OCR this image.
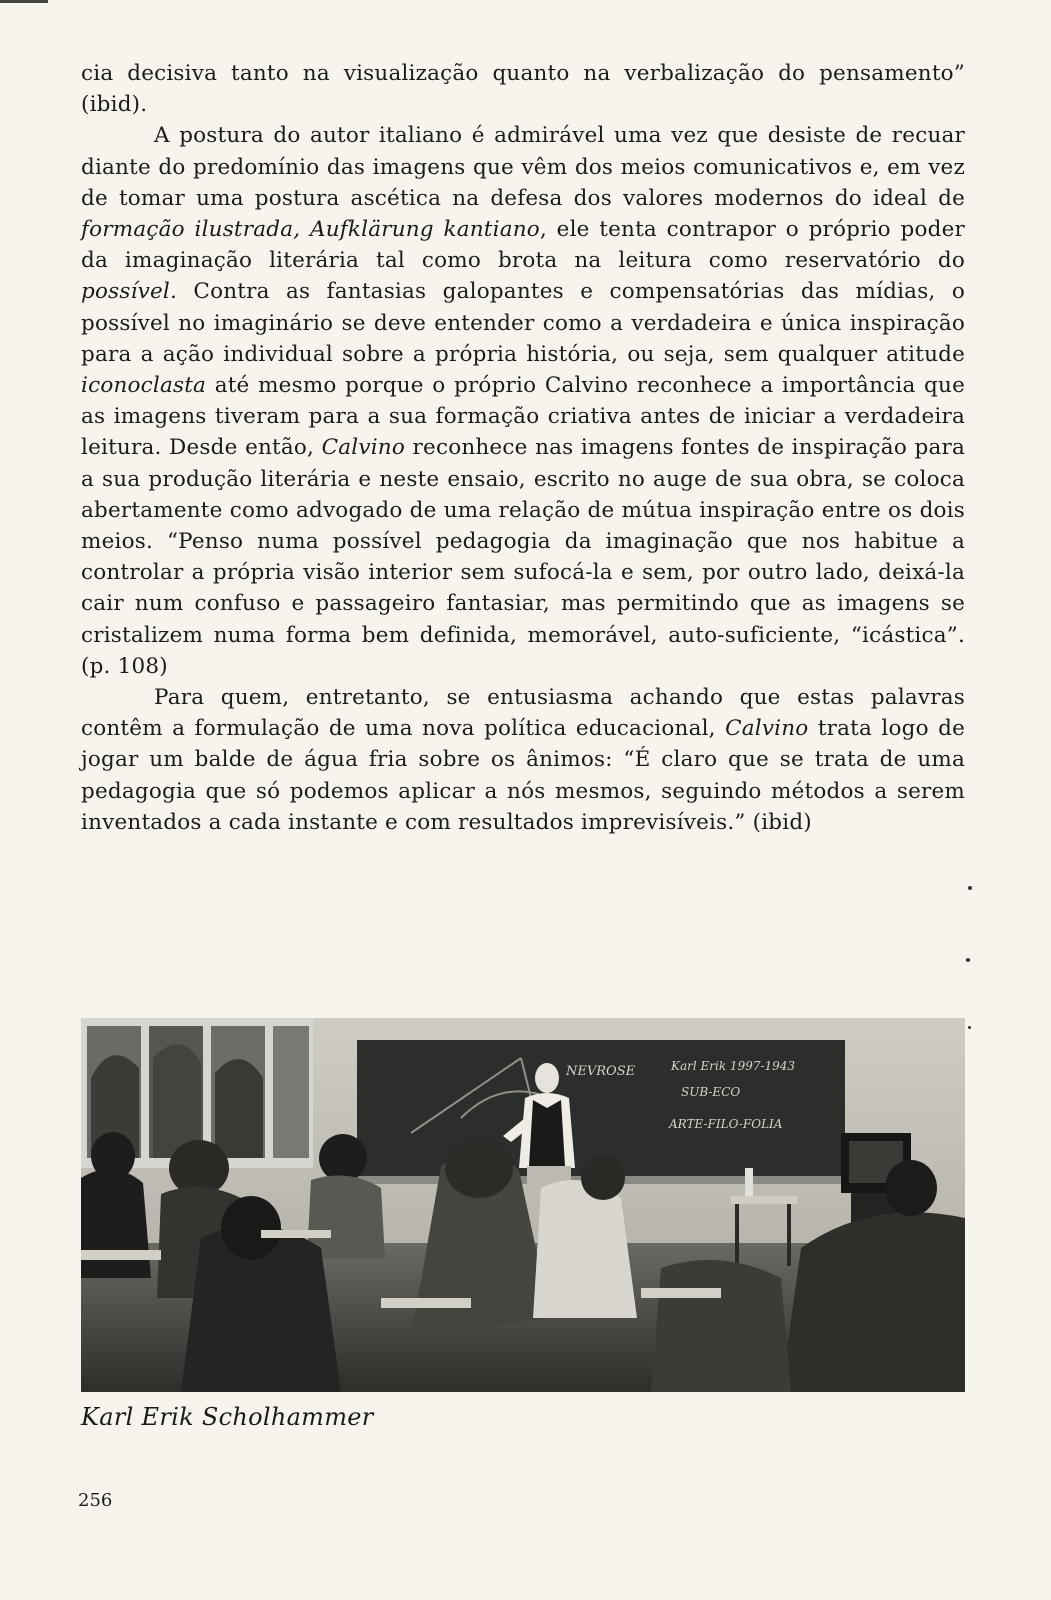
cia decisiva tanto na visualização quanto na verbalização do pensamento” (ibid).

A postura do autor italiano é admirável uma vez que desiste de recuar diante do predomínio das imagens que vêm dos meios comunicativos e, em vez de tomar uma postura ascética na defesa dos valores modernos do ideal de formação ilustrada, Aufklärung kantiano, ele tenta contrapor o próprio poder da imaginação literária tal como brota na leitura como reservatório do possível. Contra as fantasias galopantes e compensatórias das mídias, o possível no imaginário se deve entender como a verdadeira e única inspiração para a ação individual sobre a própria história, ou seja, sem qualquer atitude iconoclasta até mesmo porque o próprio Calvino reconhece a importância que as imagens tiveram para a sua formação criativa antes de iniciar a verdadeira leitura. Desde então, Calvino reconhece nas imagens fontes de inspiração para a sua produção literária e neste ensaio, escrito no auge de sua obra, se coloca abertamente como advogado de uma relação de mútua inspiração entre os dois meios. “Penso numa possível pedagogia da imaginação que nos habitue a controlar a própria visão interior sem sufocá-la e sem, por outro lado, deixá-la cair num confuso e passageiro fantasiar, mas permitindo que as imagens se cristalizem numa forma bem definida, memorável, auto-suficiente, “icástica”. (p. 108)

Para quem, entretanto, se entusiasma achando que estas palavras contêm a formulação de uma nova política educacional, Calvino trata logo de jogar um balde de água fria sobre os ânimos: “É claro que se trata de uma pedagogia que só podemos aplicar a nós mesmos, seguindo métodos a serem inventados a cada instante e com resultados imprevisíveis.” (ibid)

NEVROSE	Karl Erik 1997-1943
SUB-ECO
ARTE-FILO-FOLIA
Karl Erik Scholhammer
256
